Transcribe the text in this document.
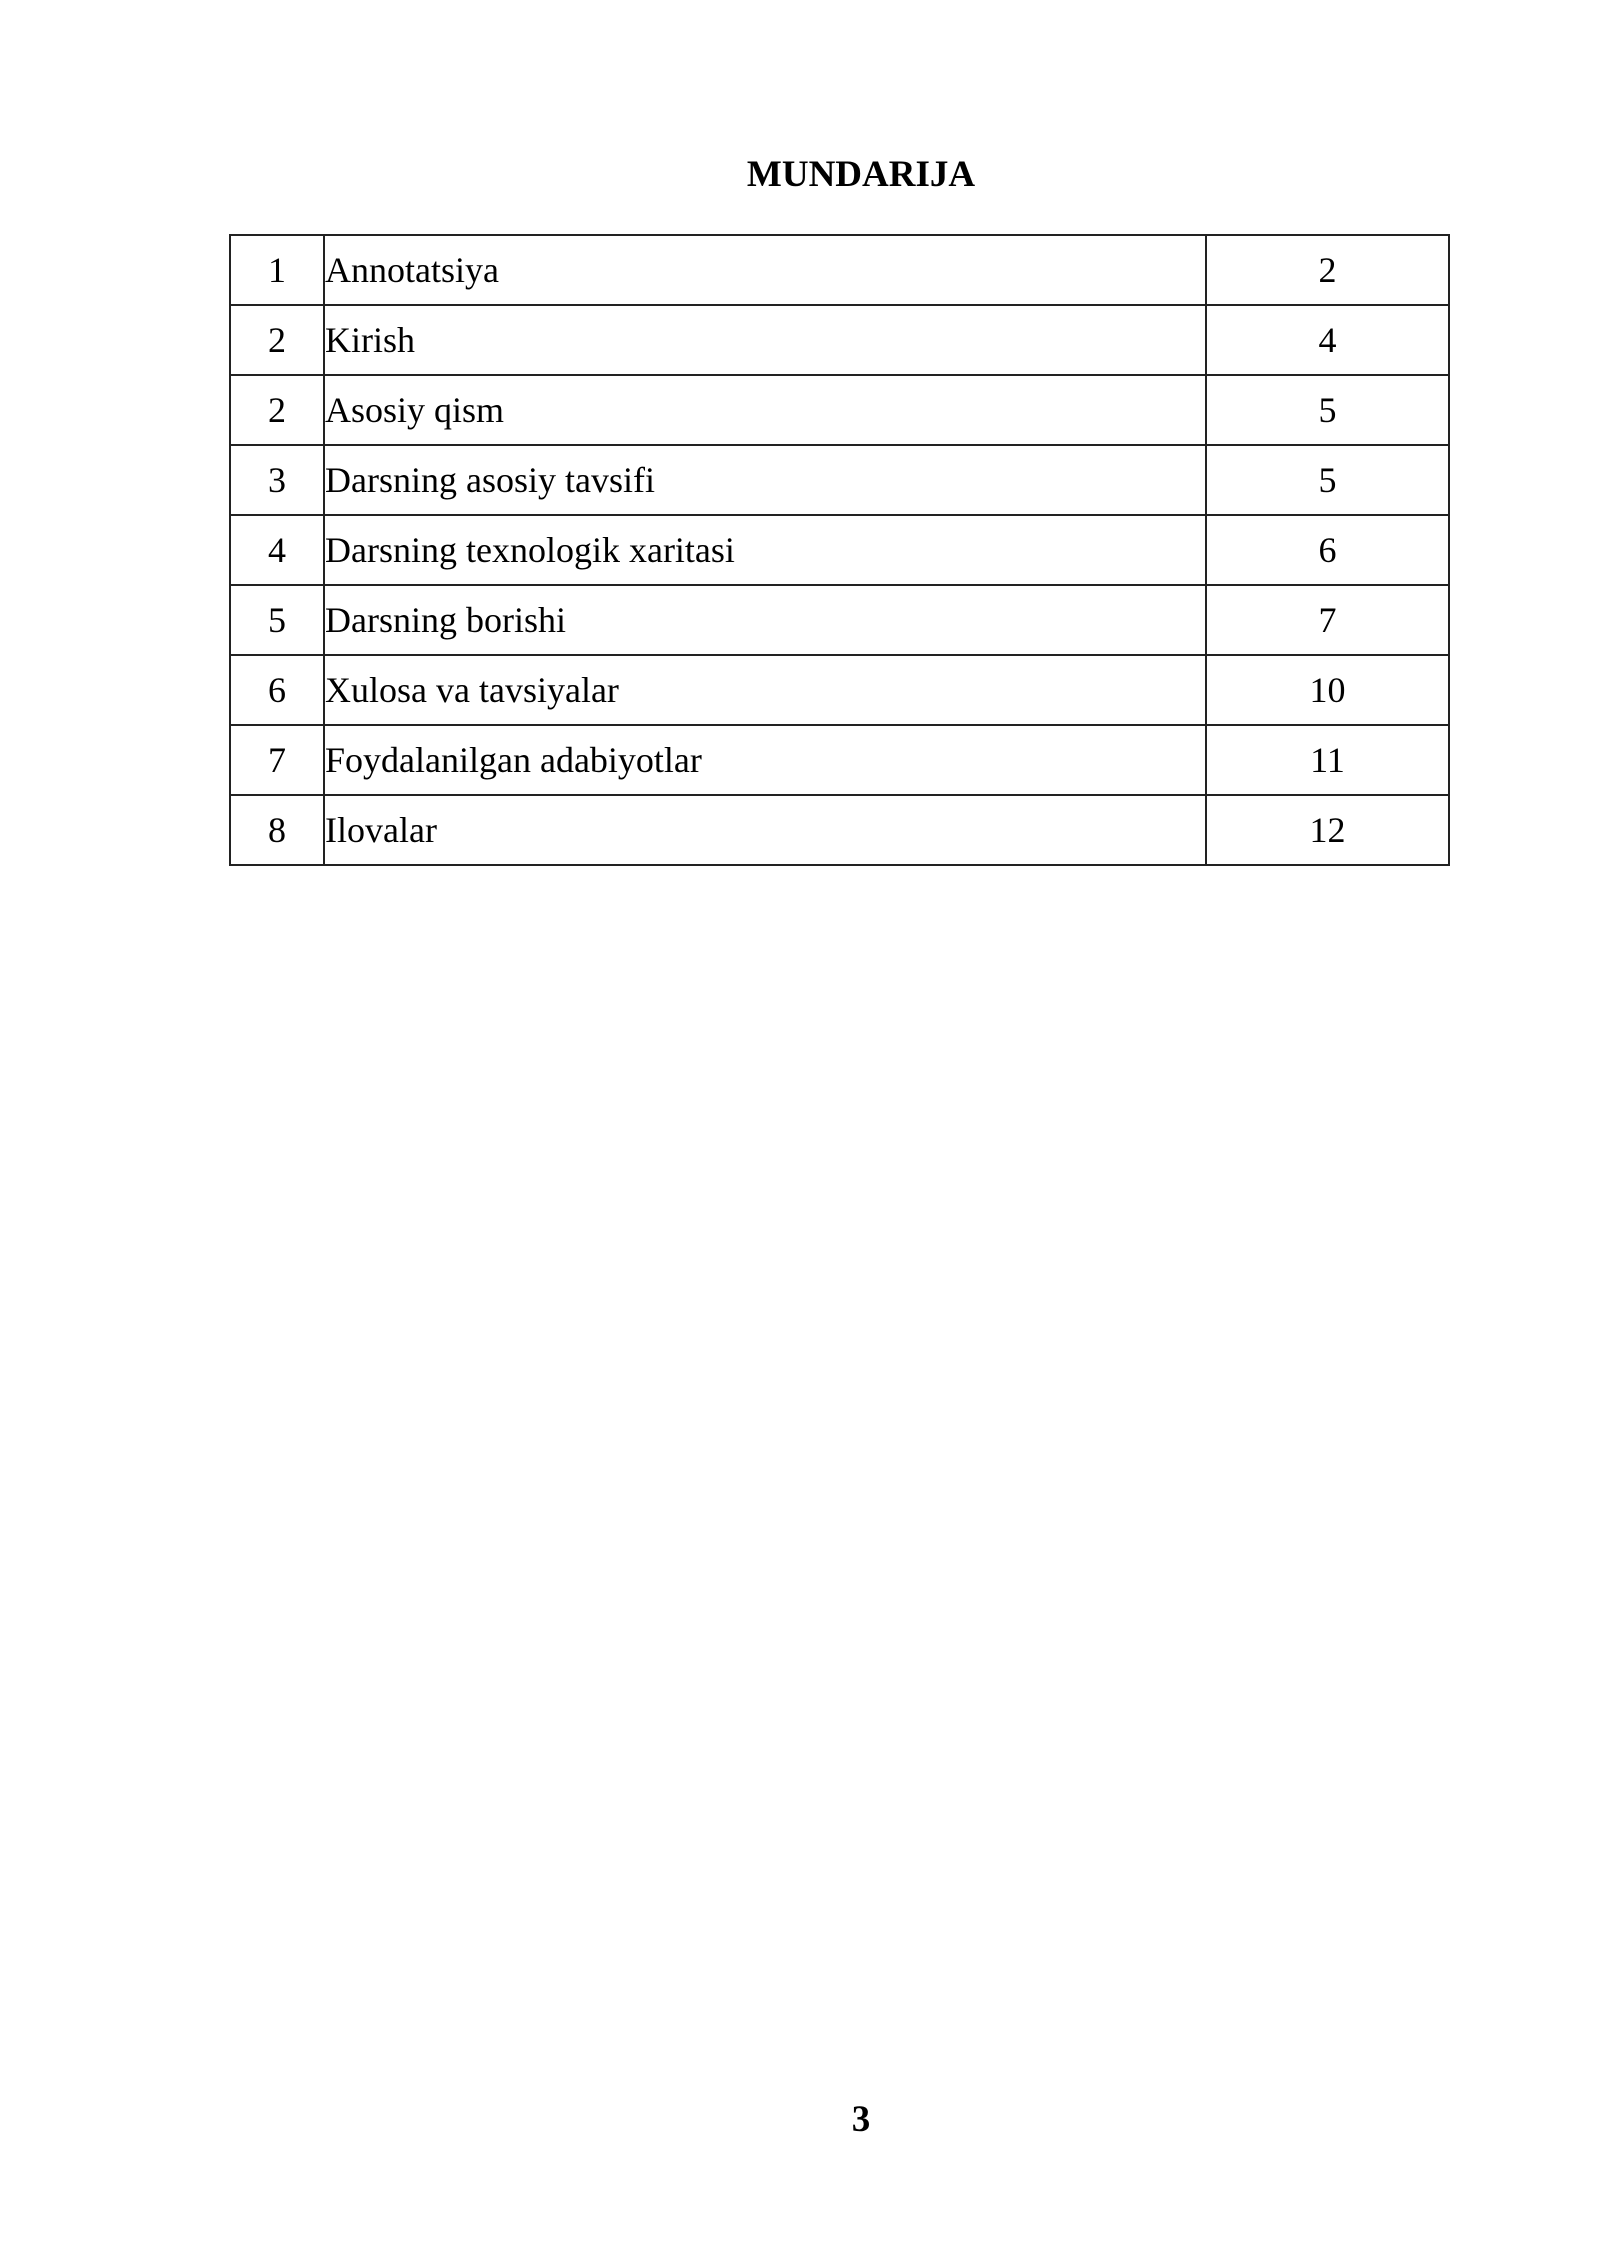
MUNDARIJA
1	Annotatsiya	2
2	Kirish	4
2	Asosiy qism	5
3	Darsning asosiy tavsifi	5
4	Darsning texnologik xaritasi	6
5	Darsning borishi	7
6	Xulosa va tavsiyalar	10
7	Foydalanilgan adabiyotlar	11
8	Ilovalar	12
3
